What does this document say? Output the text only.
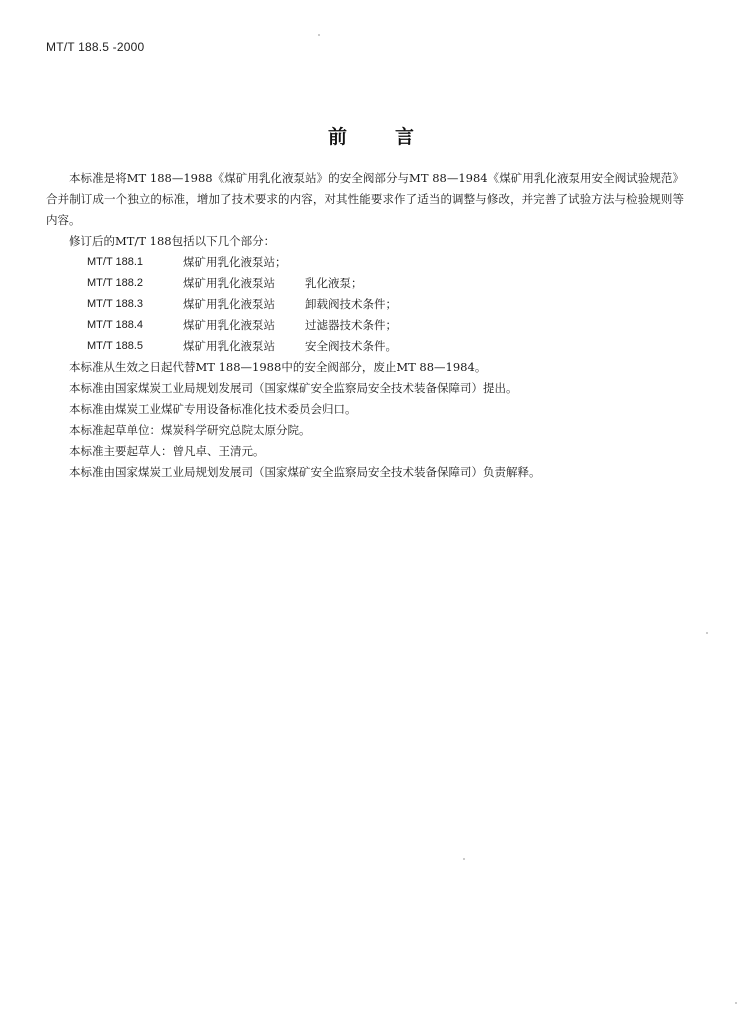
MT/T 188.5 -2000
前言

本标准是将MT 188—1988《煤矿用乳化液泵站》的安全阀部分与MT 88—1984《煤矿用乳化液泵用安全阀试验规范》合并制订成一个独立的标准，增加了技术要求的内容，对其性能要求作了适当的调整与修改，并完善了试验方法与检验规则等内容。

修订后的MT/T 188包括以下几个部分：

MT/T 188.1	煤矿用乳化液泵站；
MT/T 188.2	煤矿用乳化液泵站	乳化液泵；
MT/T 188.3	煤矿用乳化液泵站	卸载阀技术条件；
MT/T 188.4	煤矿用乳化液泵站	过滤器技术条件；
MT/T 188.5	煤矿用乳化液泵站	安全阀技术条件。

本标准从生效之日起代替MT 188—1988中的安全阀部分，废止MT 88—1984。

本标准由国家煤炭工业局规划发展司（国家煤矿安全监察局安全技术装备保障司）提出。

本标准由煤炭工业煤矿专用设备标准化技术委员会归口。

本标准起草单位：煤炭科学研究总院太原分院。

本标准主要起草人：曾凡卓、王清元。

本标准由国家煤炭工业局规划发展司（国家煤矿安全监察局安全技术装备保障司）负责解释。
